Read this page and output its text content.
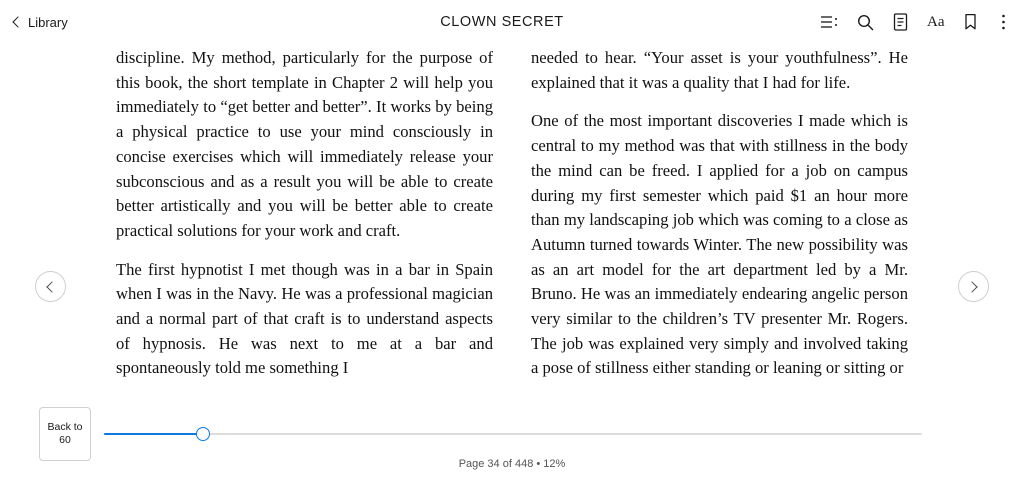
Library	CLOWN SECRET	Aa

discipline. My method, particularly for the purpose of this book, the short template in Chapter 2 will help you immediately to “get better and better”. It works by being a physical practice to use your mind consciously in concise exercises which will immediately release your subconscious and as a result you will be able to create better artistically and you will be better able to create practical solutions for your work and craft.

The first hypnotist I met though was in a bar in Spain when I was in the Navy. He was a professional magician and a normal part of that craft is to understand aspects of hypnosis. He was next to me at a bar and spontaneously told me something I

needed to hear. “Your asset is your youthfulness”. He explained that it was a quality that I had for life.

One of the most important discoveries I made which is central to my method was that with stillness in the body the mind can be freed. I applied for a job on campus during my first semester which paid $1 an hour more than my landscaping job which was coming to a close as Autumn turned towards Winter. The new possibility was as an art model for the art department led by a Mr. Bruno. He was an immediately endearing angelic person very similar to the children’s TV presenter Mr. Rogers. The job was explained very simply and involved taking a pose of stillness either standing or leaning or sitting or

Back to
60
Page 34 of 448 • 12%
